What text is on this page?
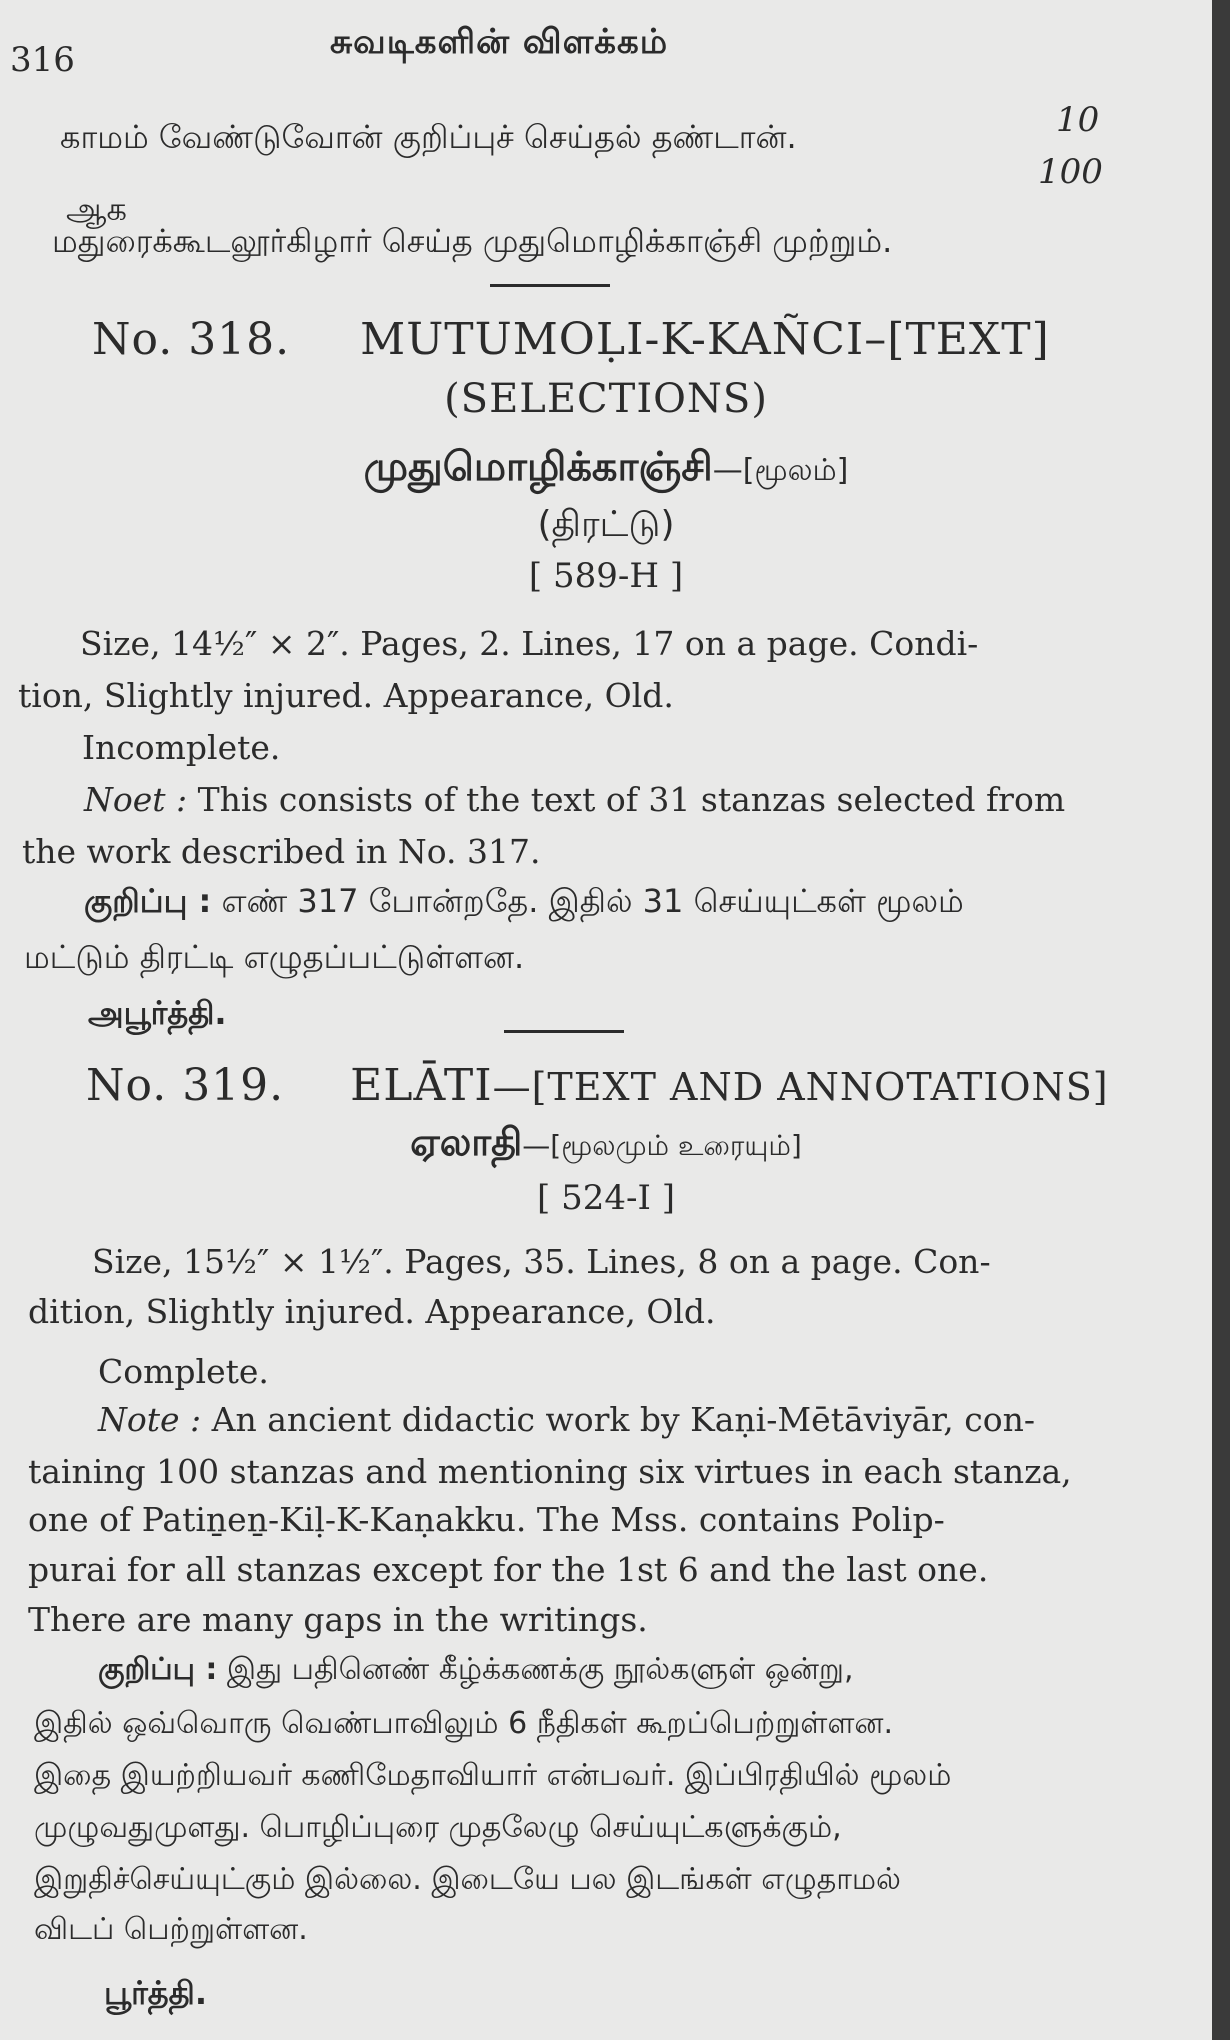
316	சுவடிகளின் விளக்கம்
காமம் வேண்டுவோன் குறிப்புச் செய்தல் தண்டான்.	10
ஆக
100
மதுரைக்கூடலூர்கிழார் செய்த முதுமொழிக்காஞ்சி முற்றும்.
No. 318. MUTUMOḶI-K-KAÑCI–[TEXT]
(SELECTIONS)
முதுமொழிக்காஞ்சி—[மூலம்]
(திரட்டு)
[ 589-H ]
Size, 14½″ × 2″. Pages, 2. Lines, 17 on a page. Condi-
tion, Slightly injured. Appearance, Old.
Incomplete.
Noet : This consists of the text of 31 stanzas selected from
the work described in No. 317.
குறிப்பு : எண் 317 போன்றதே. இதில் 31 செய்யுட்கள் மூலம்
மட்டும் திரட்டி எழுதப்பட்டுள்ளன.
அபூர்த்தி.
No. 319. ELĀTI—[TEXT AND ANNOTATIONS]
ஏலாதி—[மூலமும் உரையும்]
[ 524-I ]
Size, 15½″ × 1½″. Pages, 35. Lines, 8 on a page. Con-
dition, Slightly injured. Appearance, Old.
Complete.
Note : An ancient didactic work by Kaṇi-Mētāviyār, con-
taining 100 stanzas and mentioning six virtues in each stanza,
one of Patiṉeṉ-Kiḷ-K-Kaṇakku. The Mss. contains Polip-
purai for all stanzas except for the 1st 6 and the last one.
There are many gaps in the writings.
குறிப்பு : இது பதினெண் கீழ்க்கணக்கு நூல்களுள் ஒன்று,
இதில் ஒவ்வொரு வெண்பாவிலும் 6 நீதிகள் கூறப்பெற்றுள்ளன.
இதை இயற்றியவர் கணிமேதாவியார் என்பவர். இப்பிரதியில் மூலம்
முழுவதுமுளது. பொழிப்புரை முதலேழு செய்யுட்களுக்கும்,
இறுதிச்செய்யுட்கும் இல்லை. இடையே பல இடங்கள் எழுதாமல்
விடப் பெற்றுள்ளன.
பூர்த்தி.
